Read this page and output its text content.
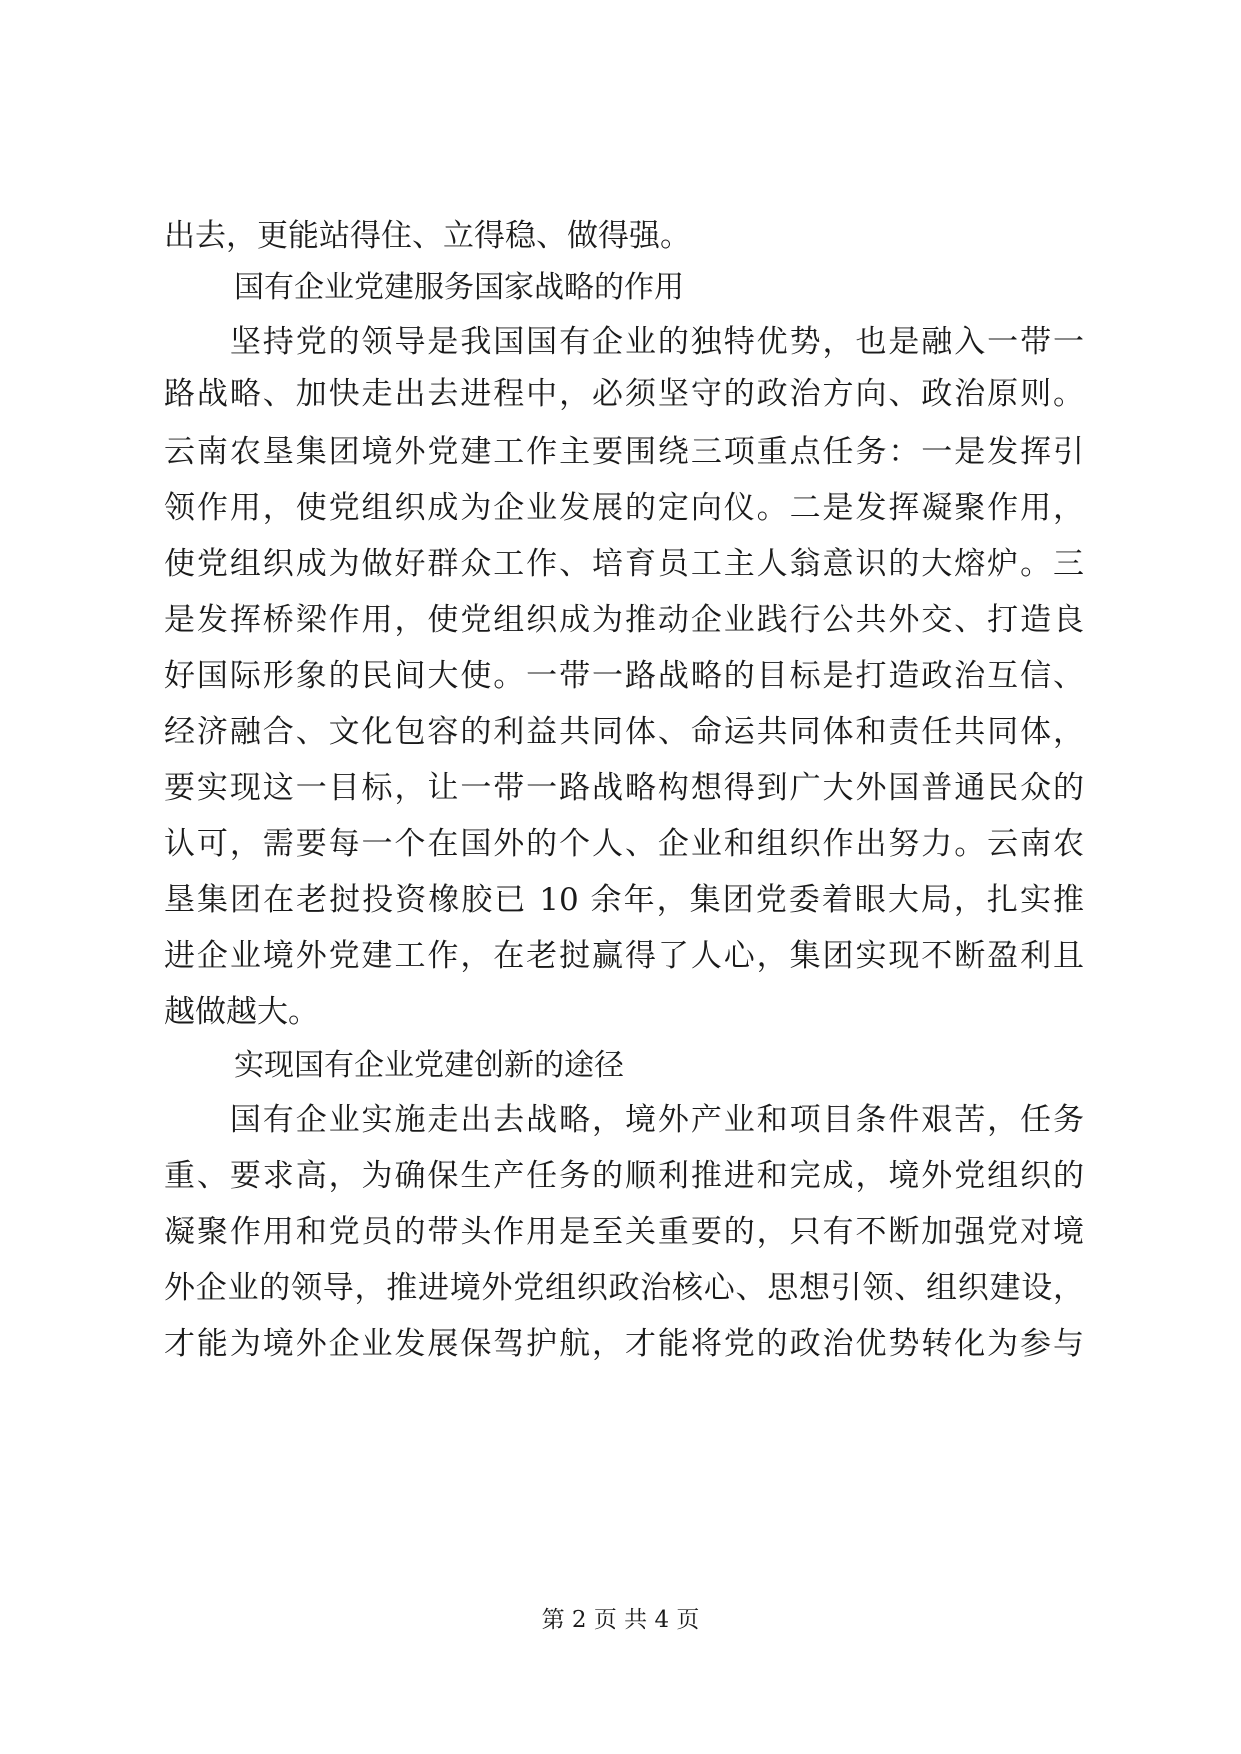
出去，更能站得住、立得稳、做得强。
国有企业党建服务国家战略的作用
　　坚持党的领导是我国国有企业的独特优势，也是融入一带一
路战略、加快走出去进程中，必须坚守的政治方向、政治原则。
云南农垦集团境外党建工作主要围绕三项重点任务：一是发挥引
领作用，使党组织成为企业发展的定向仪。二是发挥凝聚作用，
使党组织成为做好群众工作、培育员工主人翁意识的大熔炉。三
是发挥桥梁作用，使党组织成为推动企业践行公共外交、打造良
好国际形象的民间大使。一带一路战略的目标是打造政治互信、
经济融合、文化包容的利益共同体、命运共同体和责任共同体，
要实现这一目标，让一带一路战略构想得到广大外国普通民众的
认可，需要每一个在国外的个人、企业和组织作出努力。云南农
垦集团在老挝投资橡胶已 10 余年，集团党委着眼大局，扎实推
进企业境外党建工作，在老挝赢得了人心，集团实现不断盈利且
越做越大。
实现国有企业党建创新的途径
　　国有企业实施走出去战略，境外产业和项目条件艰苦，任务
重、要求高，为确保生产任务的顺利推进和完成，境外党组织的
凝聚作用和党员的带头作用是至关重要的，只有不断加强党对境
外企业的领导，推进境外党组织政治核心、思想引领、组织建设，
才能为境外企业发展保驾护航，才能将党的政治优势转化为参与
第 2 页 共 4 页
